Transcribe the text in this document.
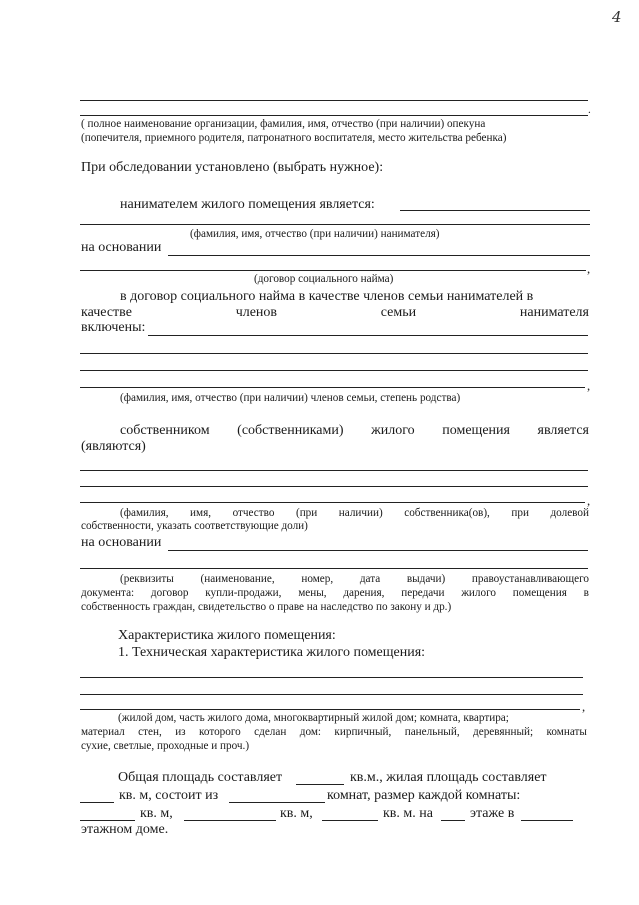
4
.
( полное наименование организации, фамилия, имя, отчество (при наличии) опекуна
(попечителя, приемного родителя, патронатного воспитателя, место жительства ребенка)
При обследовании установлено (выбрать нужное):
нанимателем жилого помещения является:
(фамилия, имя, отчество (при наличии) нанимателя)
на основании
,
(договор социального найма)
в договор социального найма в качестве членов семьи нанимателей в
качестве	членов	семьи	нанимателя
включены:
,
(фамилия, имя, отчество (при наличии) членов семьи, степень родства)
собственником (собственниками) жилого помещения является
(являются)
,
(фамилия, имя, отчество (при наличии) собственника(ов), при долевой
собственности, указать соответствующие доли)
на основании
(реквизиты (наименование, номер, дата выдачи) правоустанавливающего
документа: договор купли-продажи, мены, дарения, передачи жилого помещения в
собственность граждан, свидетельство о праве на наследство по закону и др.)
Характеристика жилого помещения:
1. Техническая характеристика жилого помещения:
,
(жилой дом, часть жилого дома, многоквартирный жилой дом; комната, квартира;
материал стен, из которого сделан дом: кирпичный, панельный, деревянный; комнаты
сухие, светлые, проходные и проч.)
Общая площадь составляет	кв.м., жилая площадь составляет
кв. м, состоит из	комнат, размер каждой комнаты:
кв. м,	кв. м,	кв. м. на	этаже в
этажном доме.
